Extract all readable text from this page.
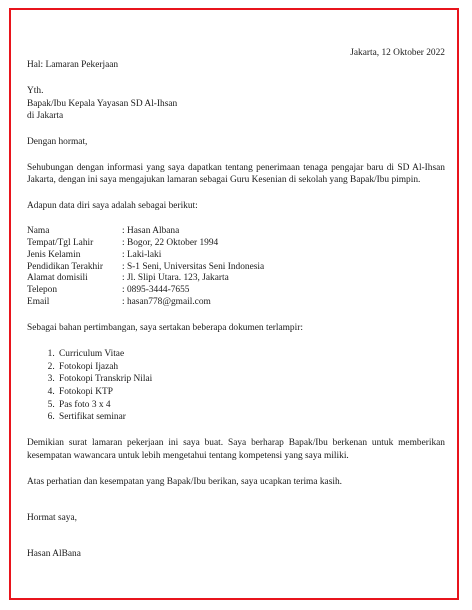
Jakarta, 12 Oktober 2022

Hal: Lamaran Pekerjaan

Yth.

Bapak/Ibu Kepala Yayasan SD Al-Ihsan

di Jakarta

Dengan hormat,

Sehubungan dengan informasi yang saya dapatkan tentang penerimaan tenaga pengajar baru di SD Al-Ihsan Jakarta, dengan ini saya mengajukan lamaran sebagai Guru Kesenian di sekolah yang Bapak/Ibu pimpin.

Adapun data diri saya adalah sebagai berikut:

Nama	: Hasan Albana
Tempat/Tgl Lahir	: Bogor, 22 Oktober 1994
Jenis Kelamin	: Laki-laki
Pendidikan Terakhir	: S-1 Seni, Universitas Seni Indonesia
Alamat domisili	: Jl. Slipi Utara. 123, Jakarta
Telepon	: 0895-3444-7655
Email	: hasan778@gmail.com

Sebagai bahan pertimbangan, saya sertakan beberapa dokumen terlampir:

1. Curriculum Vitae
2. Fotokopi Ijazah
3. Fotokopi Transkrip Nilai
4. Fotokopi KTP
5. Pas foto 3 x 4
6. Sertifikat seminar

Demikian surat lamaran pekerjaan ini saya buat. Saya berharap Bapak/Ibu berkenan untuk memberikan kesempatan wawancara untuk lebih mengetahui tentang kompetensi yang saya miliki.

Atas perhatian dan kesempatan yang Bapak/Ibu berikan, saya ucapkan terima kasih.

Hormat saya,

Hasan AlBana
